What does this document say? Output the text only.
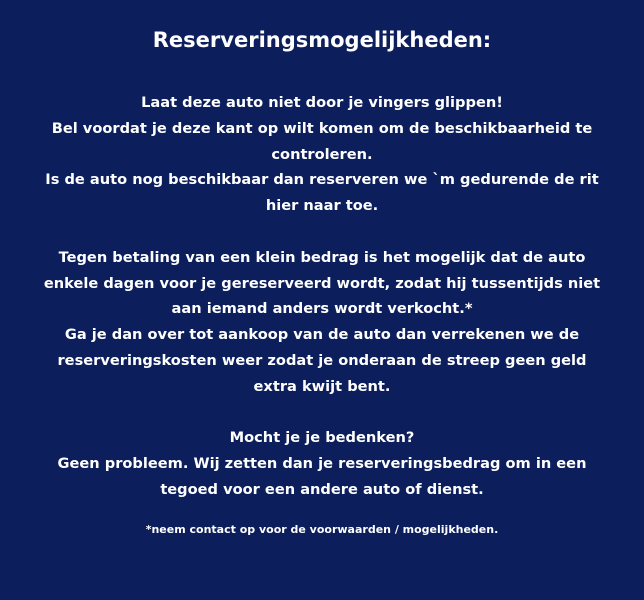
Reserveringsmogelijkheden:
Laat deze auto niet door je vingers glippen!
Bel voordat je deze kant op wilt komen om de beschikbaarheid te
controleren.
Is de auto nog beschikbaar dan reserveren we `m gedurende de rit
hier naar toe.
Tegen betaling van een klein bedrag is het mogelijk dat de auto
enkele dagen voor je gereserveerd wordt, zodat hij tussentijds niet
aan iemand anders wordt verkocht.*
Ga je dan over tot aankoop van de auto dan verrekenen we de
reserveringskosten weer zodat je onderaan de streep geen geld
extra kwijt bent.
Mocht je je bedenken?
Geen probleem. Wij zetten dan je reserveringsbedrag om in een
tegoed voor een andere auto of dienst.

*neem contact op voor de voorwaarden / mogelijkheden.
